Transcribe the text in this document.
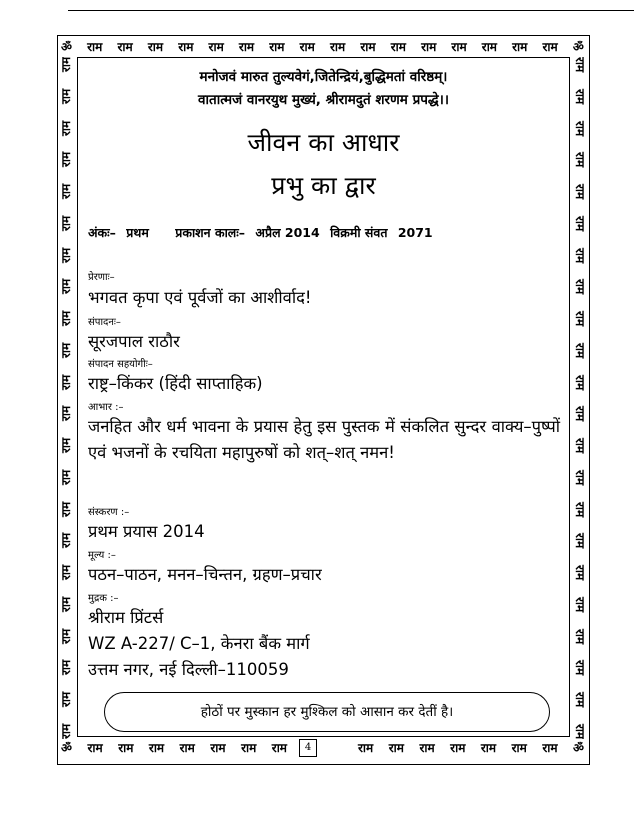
ॐ राम राम राम राम राम राम राम राम राम राम राम राम राम राम राम राम ॐ
ॐ राम राम राम राम राम राम राम	राम राम राम राम राम राम राम ॐ
राम
राम
राम
राम
राम
राम
राम
राम
राम
राम
राम
राम
राम
राम
राम
राम
राम
राम
राम
राम
राम
राम	राम
राम
राम
राम
राम
राम
राम
राम
राम
राम
राम
राम
राम
राम
राम
राम
राम
राम
राम
राम
राम
राम
4
मनोजवं मारुत तुल्यवेगं,जितेन्द्रियं,बुद्धिमतां वरिष्ठम्।
वातात्मजं वानरयुथ मुख्यं, श्रीरामदुतं शरणम प्रपद्धे।।
जीवन का आधार
प्रभु का द्वार
अंकः– प्रथम प्रकाशन कालः– अप्रैल 2014 विक्रमी संवत 2071
प्रेरणाः–
भगवत कृपा एवं पूर्वजों का आशीर्वाद!
संपादनः–
सूरजपाल राठौर
संपादन सहयोगीः–
राष्ट्र–किंकर (हिंदी साप्ताहिक)
आभार :–
जनहित और धर्म भावना के प्रयास हेतु इस पुस्तक में संकलित सुन्दर वाक्य–पुष्पों एवं भजनों के रचयिता महापुरुषों को शत्–शत् नमन!
संस्करण :–
प्रथम प्रयास 2014
मूल्य :–
पठन–पाठन, मनन–चिन्तन, ग्रहण–प्रचार
मुद्रक :–
श्रीराम प्रिंटर्स
WZ A-227/ C–1, केनरा बैंक मार्ग
उत्तम नगर, नई दिल्ली–110059
होठों पर मुस्कान हर मुश्किल को आसान कर देतीं है।
